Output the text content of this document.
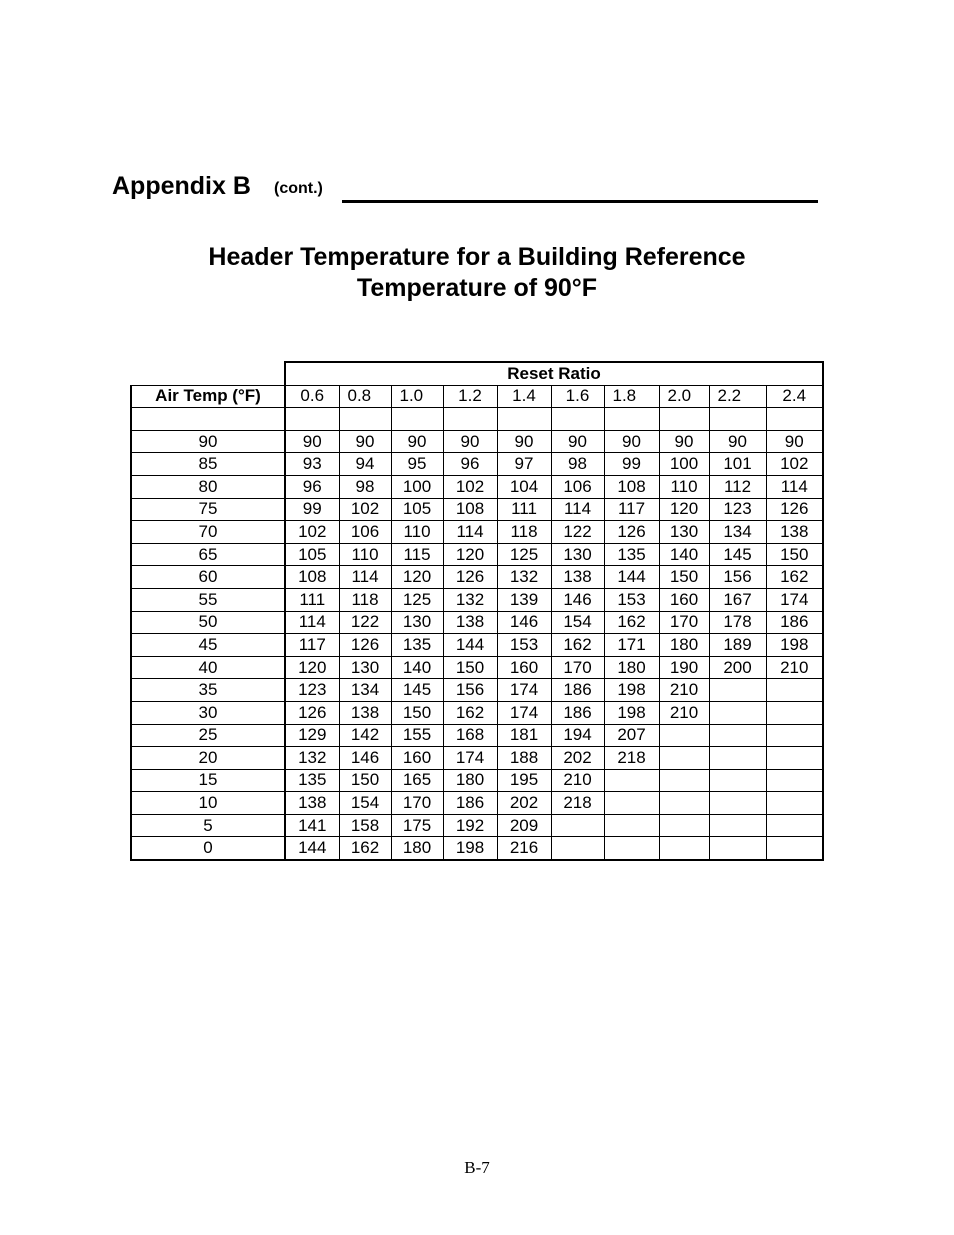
Appendix B (cont.)
Header Temperature for a Building Reference
Temperature of 90°F
	Reset Ratio									
Air Temp (°F)	0.6	0.8	1.0	1.2	1.4	1.6	1.8	2.0	2.2	2.4

90	90	90	90	90	90	90	90	90	90	90
85	93	94	95	96	97	98	99	100	101	102
80	96	98	100	102	104	106	108	110	112	114
75	99	102	105	108	111	114	117	120	123	126
70	102	106	110	114	118	122	126	130	134	138
65	105	110	115	120	125	130	135	140	145	150
60	108	114	120	126	132	138	144	150	156	162
55	111	118	125	132	139	146	153	160	167	174
50	114	122	130	138	146	154	162	170	178	186
45	117	126	135	144	153	162	171	180	189	198
40	120	130	140	150	160	170	180	190	200	210
35	123	134	145	156	174	186	198	210		
30	126	138	150	162	174	186	198	210		
25	129	142	155	168	181	194	207			
20	132	146	160	174	188	202	218			
15	135	150	165	180	195	210				
10	138	154	170	186	202	218				
5	141	158	175	192	209					
0	144	162	180	198	216					
B-7
